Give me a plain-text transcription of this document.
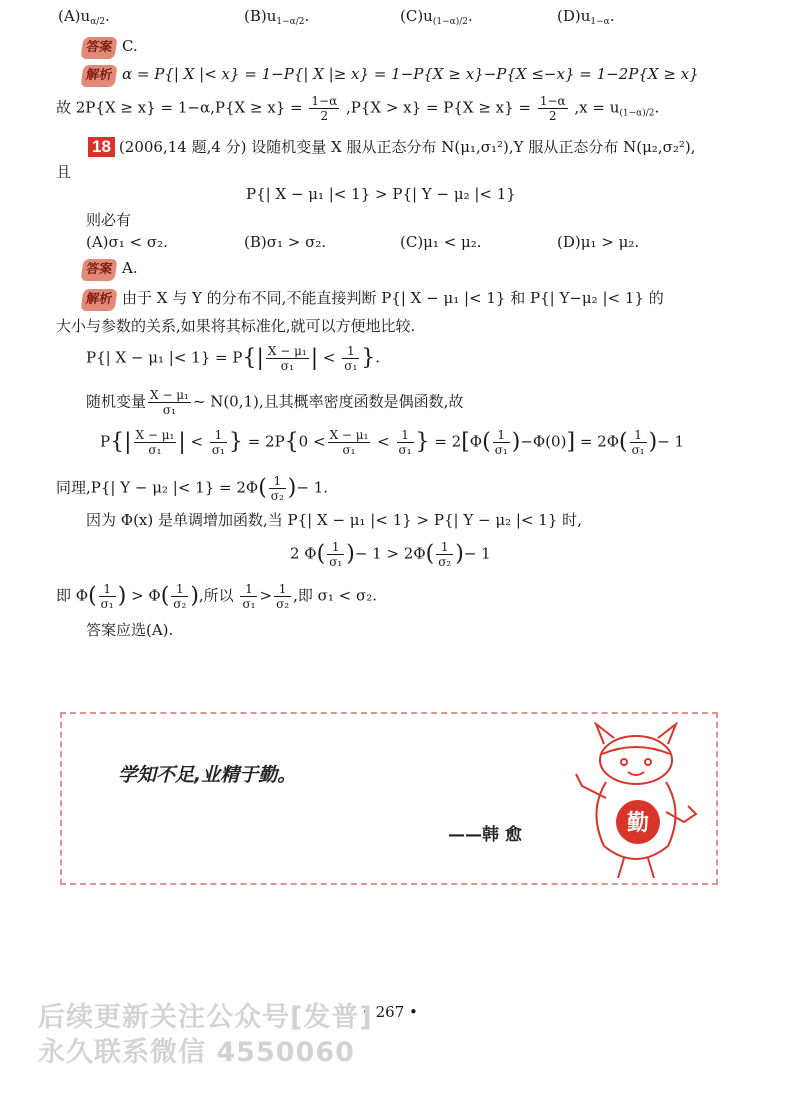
$(A)u_{\alpha/2}$.	$(B)u_{1-\alpha/2}$.	$(C)u_{(1-\alpha)/2}$.	$(D)u_{1-\alpha}$.
答案 C.
解析 α = P{| X |< x} = 1−P{| X |≥ x} = 1−P{X ≥ x}−P{X ≤−x} = 1−2P{X ≥ x}
故 $2P\{X \ge x\} = 1-\alpha,P\{X \ge x\} = \frac{1-\alpha}{2} ,P\{X > x\} = P\{X \ge x\} = \frac{1-\alpha}{2} ,x = u_{(1-\alpha)/2}$.
18 (2006,14 题,4 分) 设随机变量 X 服从正态分布 N(μ₁,σ₁²),Y 服从正态分布 N(μ₂,σ₂²),
且
P{| X − μ₁ |< 1} > P{| Y − μ₂ |< 1}
则必有
(A)σ₁ < σ₂.	(B)σ₁ > σ₂.	(C)μ₁ < μ₂.	(D)μ₁ > μ₂.
答案 A.
解析 由于 X 与 Y 的分布不同,不能直接判断 P{| X − μ₁ |< 1} 和 P{| Y−μ₂ |< 1} 的
大小与参数的关系,如果将其标准化,就可以方便地比较.
P{| X − μ₁ |< $1\} = P\{| \frac{\text{X − μ₁}}{\text{σ₁}}$ | < $\frac{1}{\text{σ₁}}$ }.
随机变量 $\frac{\text{X − μ₁}}{\text{σ₁}}$ ~ N(0,1),且其概率密度函数是偶函数,故
$P\{| \frac{\text{X − μ₁}}{\text{σ₁}}$ | < $\frac{1}{\text{σ₁}}$ } = $2P\{0 < \frac{\text{X − μ₁}}{\text{σ₁}} < \frac{1}{\text{σ₁}}$ } = $2[\Phi( \frac{1}{\text{σ₁}} )-\Phi(0)] = 2\Phi( \frac{1}{\text{σ₁}}$ )− 1
同理,P{| Y − μ₂ |< $1\} = 2\Phi( \frac{1}{\text{σ₂}}$ )− 1.
因为 Φ(x) 是单调增加函数,当 P{| X − μ₁ |< 1} > P{| Y − μ₂ |< 1} 时,
2 $\Phi( \frac{1}{\text{σ₁}}$ )− $1 > 2\Phi( \frac{1}{\text{σ₂}}$ )− 1
即 $\Phi( \frac{1}{\text{σ₁}}$ ) > $\Phi( \frac{1}{\text{σ₂}}$ ),所以 $\frac{1}{\text{σ₁}} > \frac{1}{\text{σ₂}}$ ,即 σ₁ < σ₂.
答案应选(A).
学知不足,业精于勤。
——韩 愈	勤
• 267 •
后续更新关注公众号[发普]
永久联系微信 4550060
